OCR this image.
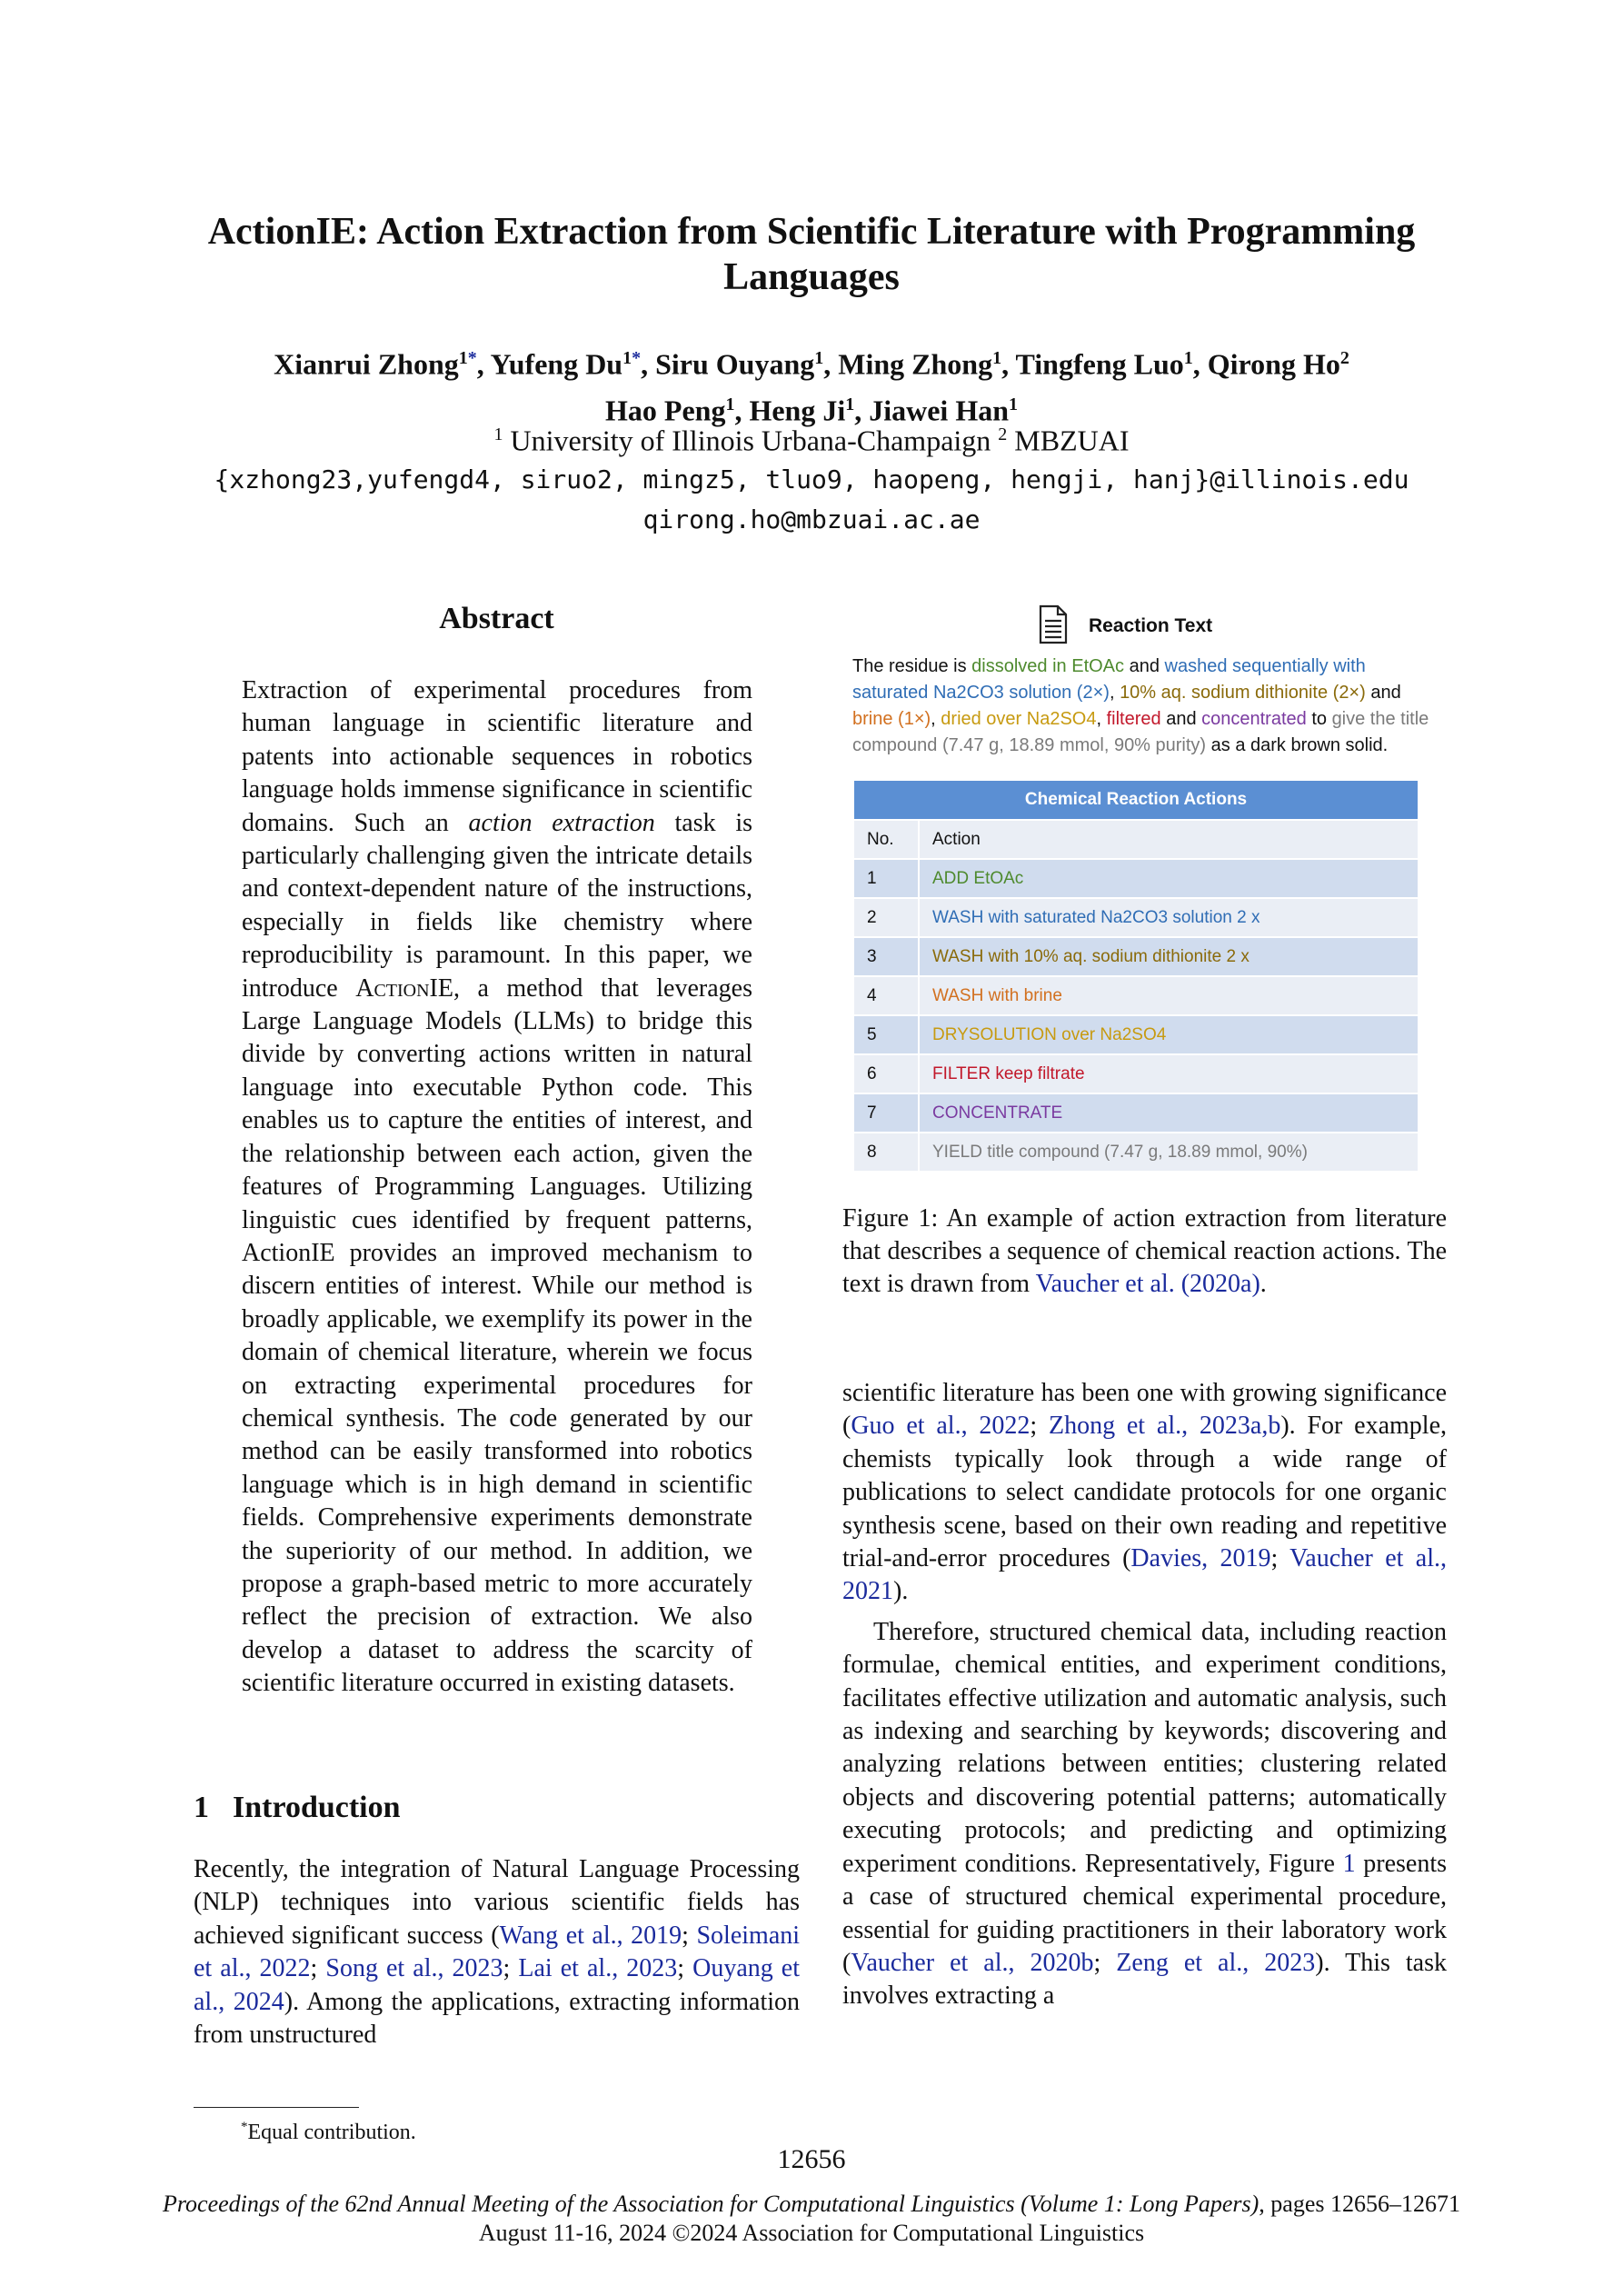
ActionIE: Action Extraction from Scientific Literature with Programming Languages
Xianrui Zhong$^{1*}$, Yufeng $Du^{1*}$, Siru Ouyang$^1$, Ming Zhong$^1$, Tingfeng Luo$^1$, Qirong Ho$^2$
Hao Peng$^1$, Heng Ji$^1$, Jiawei Han$^1$
$^1$ University of Illinois Urbana-Champaign $^2$ MBZUAI
{xzhong23,yufengd4, siruo2, mingz5, tluo9, haopeng, hengji, hanj}@illinois.edu
qirong.ho@mbzuai.ac.ae
Abstract
Extraction of experimental procedures from human language in scientific literature and patents into actionable sequences in robotics language holds immense significance in scientific domains. Such an action extraction task is particularly challenging given the intricate details and context-dependent nature of the instructions, especially in fields like chemistry where reproducibility is paramount. In this paper, we introduce ActionIE, a method that leverages Large Language Models (LLMs) to bridge this divide by converting actions written in natural language into executable Python code. This enables us to capture the entities of interest, and the relationship between each action, given the features of Programming Languages. Utilizing linguistic cues identified by frequent patterns, ActionIE provides an improved mechanism to discern entities of interest. While our method is broadly applicable, we exemplify its power in the domain of chemical literature, wherein we focus on extracting experimental procedures for chemical synthesis. The code generated by our method can be easily transformed into robotics language which is in high demand in scientific fields. Comprehensive experiments demonstrate the superiority of our method. In addition, we propose a graph-based metric to more accurately reflect the precision of extraction. We also develop a dataset to address the scarcity of scientific literature occurred in existing datasets.
1 Introduction

Recently, the integration of Natural Language Processing (NLP) techniques into various scientific fields has achieved significant success (Wang et al., 2019; Soleimani et al., 2022; Song et al., 2023; Lai et al., 2023; Ouyang et al., 2024). Among the applications, extracting information from unstructured

Reaction Text
The residue is dissolved in EtOAc and washed sequentially with saturated Na2CO3 solution (2×), 10% aq. sodium dithionite (2×) and brine (1×), dried over Na2SO4, filtered and concentrated to give the title compound (7.47 g, 18.89 mmol, 90% purity) as a dark brown solid.
Chemical Reaction Actions	
No.	Action
1	ADD EtOAc
2	WASH with saturated Na2CO3 solution 2 x
3	WASH with 10% aq. sodium dithionite 2 x
4	WASH with brine
5	DRYSOLUTION over Na2SO4
6	FILTER keep filtrate
7	CONCENTRATE
8	YIELD title compound (7.47 g, 18.89 mmol, 90%)
Figure 1: An example of action extraction from literature that describes a sequence of chemical reaction actions. The text is drawn from Vaucher et al. (2020a).

scientific literature has been one with growing significance (Guo et al., 2022; Zhong et al., 2023a,b). For example, chemists typically look through a wide range of publications to select candidate protocols for one organic synthesis scene, based on their own reading and repetitive trial-and-error procedures (Davies, 2019; Vaucher et al., 2021).

Therefore, structured chemical data, including reaction formulae, chemical entities, and experiment conditions, facilitates effective utilization and automatic analysis, such as indexing and searching by keywords; discovering and analyzing relations between entities; clustering related objects and discovering potential patterns; automatically executing protocols; and predicting and optimizing experiment conditions. Representatively, Figure 1 presents a case of structured chemical experimental procedure, essential for guiding practitioners in their laboratory work (Vaucher et al., 2020b; Zeng et al., 2023). This task involves extracting a

*Equal contribution.
12656
Proceedings of the 62nd Annual Meeting of the Association for Computational Linguistics (Volume 1: Long Papers), pages 12656–12671
August 11-16, 2024 ©2024 Association for Computational Linguistics
